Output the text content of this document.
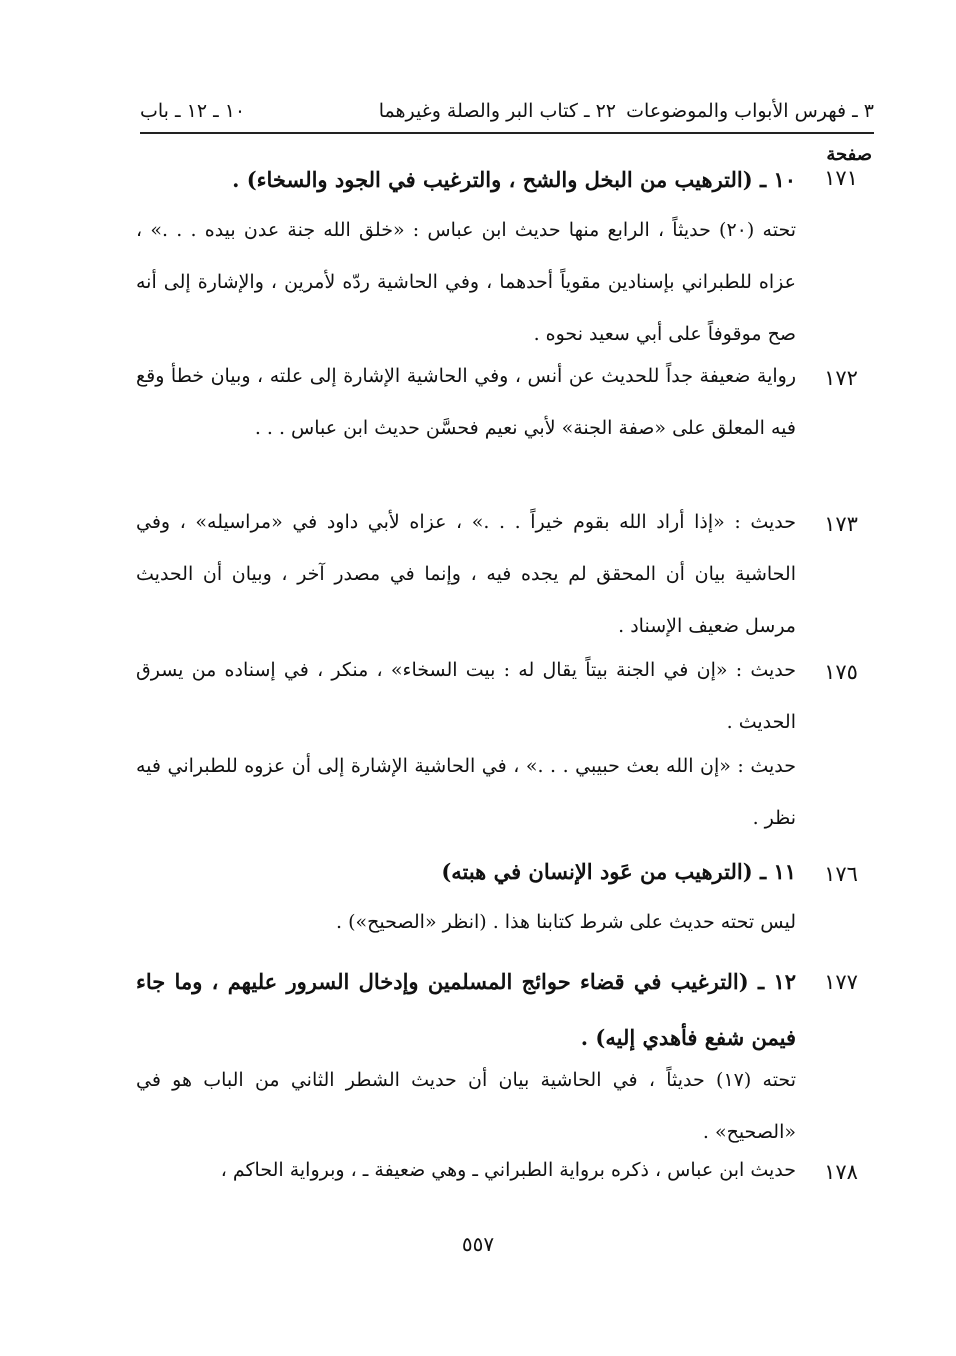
٣ ـ فهرس الأبواب والموضوعات
٢٢ ـ كتاب البر والصلة وغيرهما
١٠ ـ ١٢ ـ باب
صفحة
١٧١
١٠ ـ (الترهيب من البخل والشح ، والترغيب في الجود والسخاء) .
تحته (٢٠) حديثاً ، الرابع منها حديث ابن عباس : «خلق الله جنة عدن بيده . . .» ، عزاه للطبراني بإسنادين مقوياً أحدهما ، وفي الحاشية ردّه لأمرين ، والإشارة إلى أنه صح موقوفاً على أبي سعيد نحوه .
١٧٢
رواية ضعيفة جداً للحديث عن أنس ، وفي الحاشية الإشارة إلى علته ، وبيان خطأ وقع فيه المعلق على «صفة الجنة» لأبي نعيم فحسَّن حديث ابن عباس . . .
١٧٣
حديث : «إذا أراد الله بقوم خيراً . . .» ، عزاه لأبي داود في «مراسيله» ، وفي الحاشية بيان أن المحقق لم يجده فيه ، وإنما في مصدر آخر ، وبيان أن الحديث مرسل ضعيف الإسناد .
١٧٥
حديث : «إن في الجنة بيتاً يقال له : بيت السخاء» ، منكر ، في إسناده من يسرق الحديث .
حديث : «إن الله بعث حبيبي . . .» ، في الحاشية الإشارة إلى أن عزوه للطبراني فيه نظر .
١٧٦
١١ ـ (الترهيب من عَود الإنسان في هبته)
ليس تحته حديث على شرط كتابنا هذا . (انظر «الصحيح») .
١٧٧
١٢ ـ (الترغيب في قضاء حوائج المسلمين وإدخال السرور عليهم ، وما جاء فيمن شفع فأهدي إليه) .
تحته (١٧) حديثاً ، في الحاشية بيان أن حديث الشطر الثاني من الباب هو في «الصحيح» .
١٧٨
حديث ابن عباس ، ذكره برواية الطبراني ـ وهي ضعيفة ـ ، وبرواية الحاكم ،
٥٥٧
